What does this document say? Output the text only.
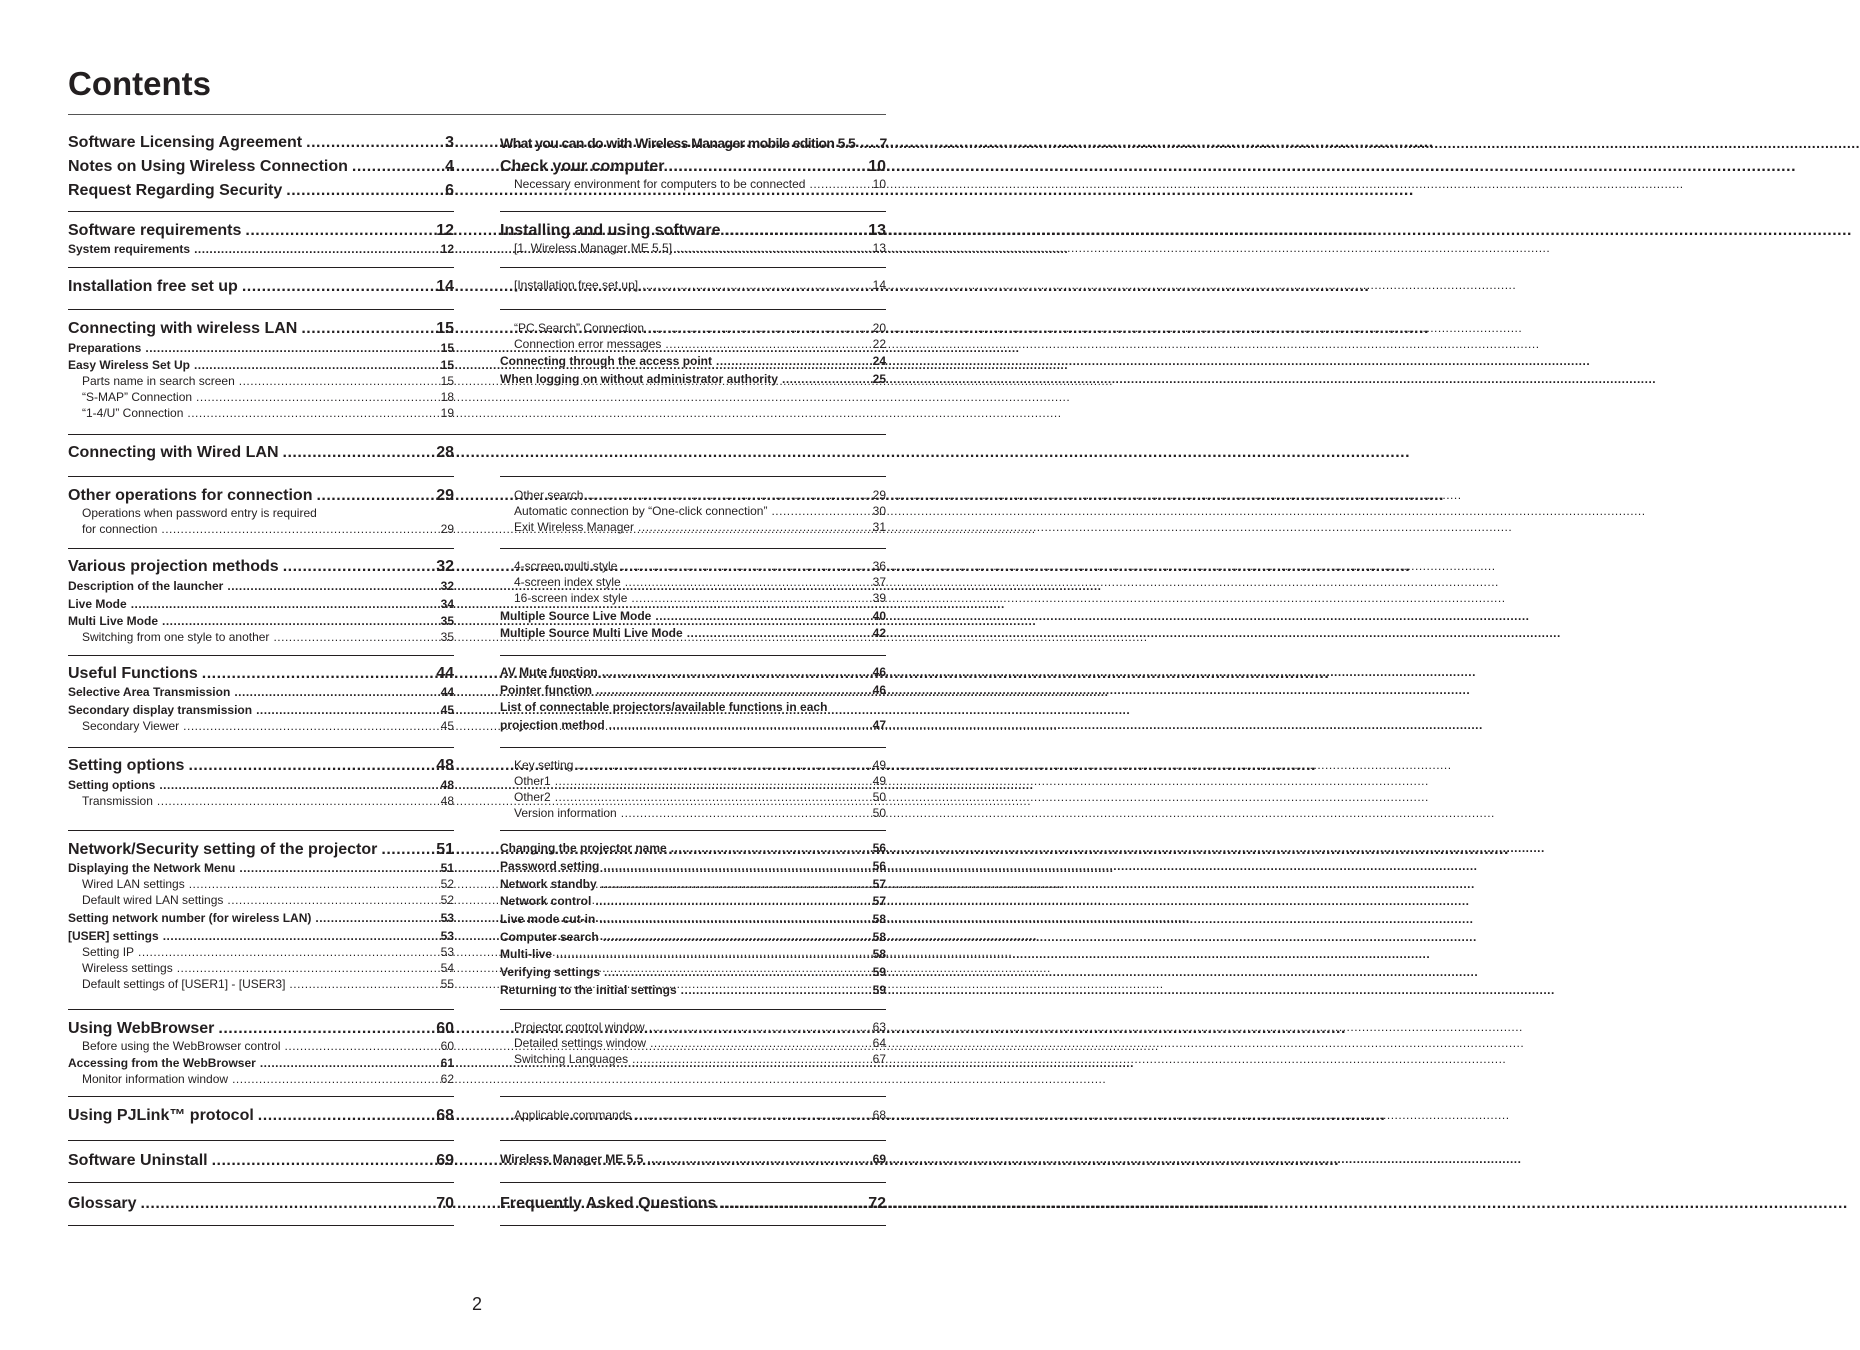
Contents
Software Licensing Agreement .....	3
Notes on Using Wireless Connection .....	4
Request Regarding Security .....	6
Software requirements .....	12
System requirements .....	12
Installation free set up .....	14
Connecting with wireless LAN .....	15
Preparations .....	15
Easy Wireless Set Up .....	15
Parts name in search screen .....	15
“S-MAP” Connection .....	18
“1-4/U” Connection .....	19
Connecting with Wired LAN .....	28
Other operations for connection .....	29
Operations when password entry is required
for connection .....	29
Various projection methods .....	32
Description of the launcher .....	32
Live Mode .....	34
Multi Live Mode .....	35
Switching from one style to another .....	35
Useful Functions .....	44
Selective Area Transmission .....	44
Secondary display transmission .....	45
Secondary Viewer .....	45
Setting options .....	48
Setting options .....	48
Transmission .....	48
Network/Security setting of the projector .....	51
Displaying the Network Menu .....	51
Wired LAN settings .....	52
Default wired LAN settings .....	52
Setting network number (for wireless LAN) .....	53
[USER] settings .....	53
Setting IP .....	53
Wireless settings .....	54
Default settings of [USER1] - [USER3] .....	55
Using WebBrowser .....	60
Before using the WebBrowser control .....	60
Accessing from the WebBrowser .....	61
Monitor information window .....	62
Using PJLink™ protocol .....	68
Software Uninstall .....	69
Glossary .....	70
What you can do with Wireless Manager mobile edition 5.5 .....	7
Check your computer .....	10
Necessary environment for computers to be connected .....	10
Installing and using software .....	13
[1. Wireless Manager ME 5.5] .....	13
[Installation free set up] .....	14
“PC Search” Connection .....	20
Connection error messages .....	22
Connecting through the access point .....	24
When logging on without administrator authority .....	25
Other search .....	29
Automatic connection by “One-click connection” .....	30
Exit Wireless Manager .....	31
4-screen multi style .....	36
4-screen index style .....	37
16-screen index style .....	39
Multiple Source Live Mode .....	40
Multiple Source Multi Live Mode .....	42
AV Mute function .....	46
Pointer function .....	46
List of connectable projectors/available functions in each
projection method .....	47
Key setting .....	49
Other1 .....	49
Other2 .....	50
Version information .....	50
Changing the projector name .....	56
Password setting .....	56
Network standby .....	57
Network control .....	57
Live mode cut-in .....	58
Computer search .....	58
Multi-live .....	58
Verifying settings .....	59
Returning to the initial settings .....	59
Projector control window .....	63
Detailed settings window .....	64
Switching Languages .....	67
Applicable commands .....	68
Wireless Manager ME 5.5 .....	69
Frequently Asked Questions .....	72
2
